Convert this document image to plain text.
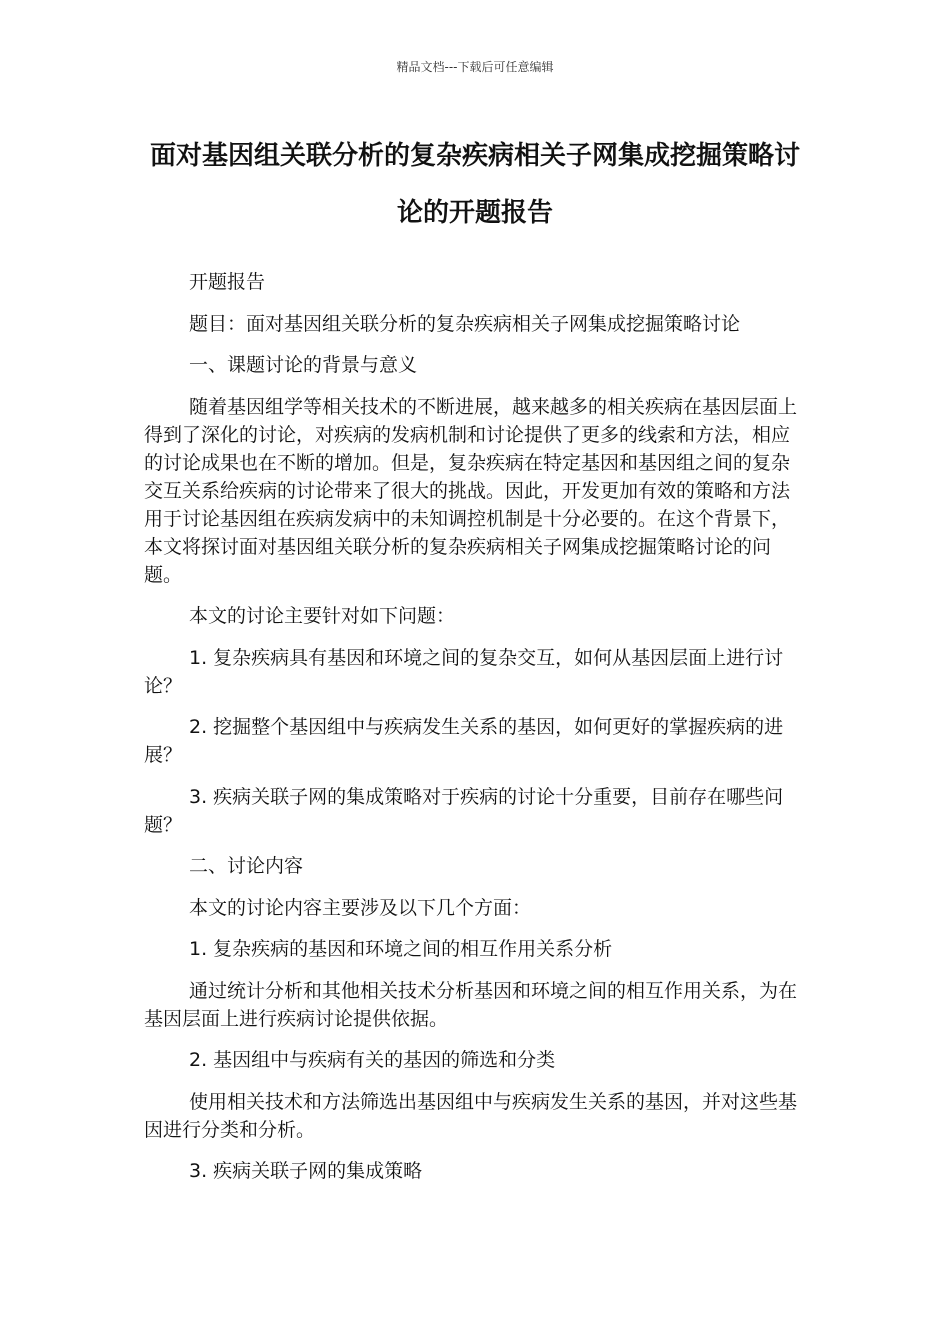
精品文档---下载后可任意编辑
面对基因组关联分析的复杂疾病相关子网集成挖掘策略讨论的开题报告

开题报告

题目：面对基因组关联分析的复杂疾病相关子网集成挖掘策略讨论

一、课题讨论的背景与意义

随着基因组学等相关技术的不断进展，越来越多的相关疾病在基因层面上得到了深化的讨论，对疾病的发病机制和讨论提供了更多的线索和方法，相应的讨论成果也在不断的增加。但是，复杂疾病在特定基因和基因组之间的复杂交互关系给疾病的讨论带来了很大的挑战。因此，开发更加有效的策略和方法用于讨论基因组在疾病发病中的未知调控机制是十分必要的。在这个背景下，本文将探讨面对基因组关联分析的复杂疾病相关子网集成挖掘策略讨论的问题。

本文的讨论主要针对如下问题：

1. 复杂疾病具有基因和环境之间的复杂交互，如何从基因层面上进行讨论？

2. 挖掘整个基因组中与疾病发生关系的基因，如何更好的掌握疾病的进展？

3. 疾病关联子网的集成策略对于疾病的讨论十分重要，目前存在哪些问题？

二、讨论内容

本文的讨论内容主要涉及以下几个方面：

1. 复杂疾病的基因和环境之间的相互作用关系分析

通过统计分析和其他相关技术分析基因和环境之间的相互作用关系，为在基因层面上进行疾病讨论提供依据。

2. 基因组中与疾病有关的基因的筛选和分类

使用相关技术和方法筛选出基因组中与疾病发生关系的基因，并对这些基因进行分类和分析。

3. 疾病关联子网的集成策略
